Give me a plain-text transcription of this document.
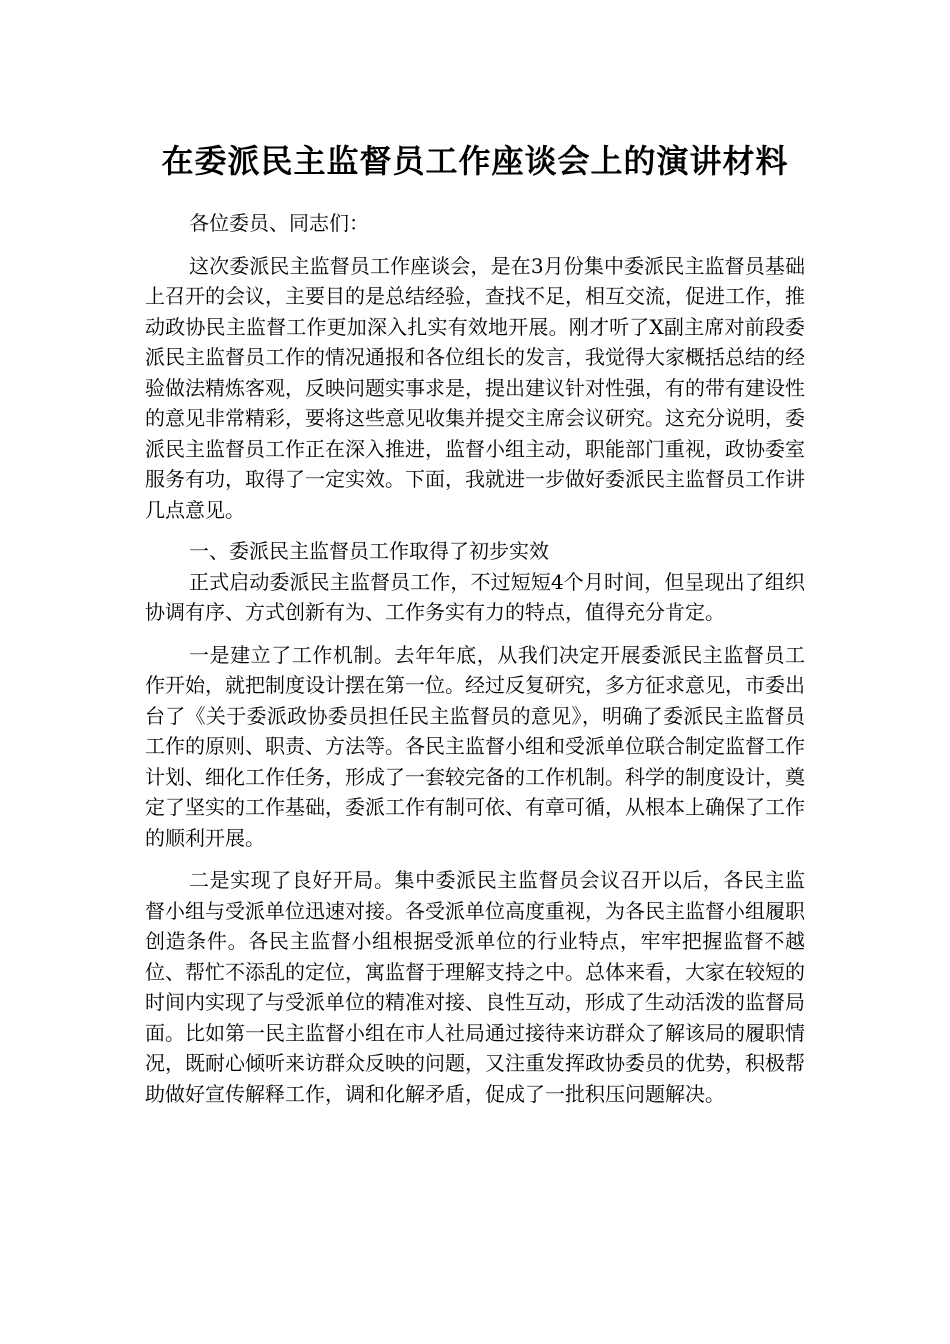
在委派民主监督员工作座谈会上的演讲材料

各位委员、同志们：

这次委派民主监督员工作座谈会，是在3月份集中委派民主监督员基础上召开的会议，主要目的是总结经验，查找不足，相互交流，促进工作，推动政协民主监督工作更加深入扎实有效地开展。刚才听了X副主席对前段委派民主监督员工作的情况通报和各位组长的发言，我觉得大家概括总结的经验做法精炼客观，反映问题实事求是，提出建议针对性强，有的带有建设性的意见非常精彩，要将这些意见收集并提交主席会议研究。这充分说明，委派民主监督员工作正在深入推进，监督小组主动，职能部门重视，政协委室服务有功，取得了一定实效。下面，我就进一步做好委派民主监督员工作讲几点意见。

一、委派民主监督员工作取得了初步实效

正式启动委派民主监督员工作，不过短短4个月时间，但呈现出了组织协调有序、方式创新有为、工作务实有力的特点，值得充分肯定。

一是建立了工作机制。去年年底，从我们决定开展委派民主监督员工作开始，就把制度设计摆在第一位。经过反复研究，多方征求意见，市委出台了《关于委派政协委员担任民主监督员的意见》，明确了委派民主监督员工作的原则、职责、方法等。各民主监督小组和受派单位联合制定监督工作计划、细化工作任务，形成了一套较完备的工作机制。科学的制度设计，奠定了坚实的工作基础，委派工作有制可依、有章可循，从根本上确保了工作的顺利开展。

二是实现了良好开局。集中委派民主监督员会议召开以后，各民主监督小组与受派单位迅速对接。各受派单位高度重视，为各民主监督小组履职创造条件。各民主监督小组根据受派单位的行业特点，牢牢把握监督不越位、帮忙不添乱的定位，寓监督于理解支持之中。总体来看，大家在较短的时间内实现了与受派单位的精准对接、良性互动，形成了生动活泼的监督局面。比如第一民主监督小组在市人社局通过接待来访群众了解该局的履职情况，既耐心倾听来访群众反映的问题，又注重发挥政协委员的优势，积极帮助做好宣传解释工作，调和化解矛盾，促成了一批积压问题解决。
